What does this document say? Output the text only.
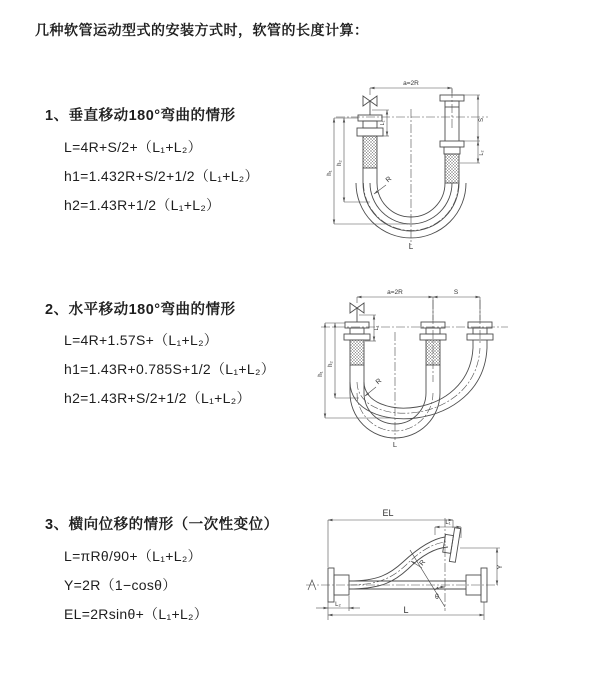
几种软管运动型式的安装方式时，软管的长度计算：
1、垂直移动180°弯曲的情形

L=4R+S/2+（L₁+L₂）

h1=1.432R+S/2+1/2（L₁+L₂）

h2=1.43R+1/2（L₁+L₂）

a=2R
S
L₂
L₁
h₁
h₂
R
L
2、水平移动180°弯曲的情形

L=4R+1.57S+（L₁+L₂）

h1=1.43R+0.785S+1/2（L₁+L₂）

h2=1.43R+S/2+1/2（L₁+L₂）

a=2R	S
L₁
h₁
h₂
R
L
3、横向位移的情形（一次性变位）

L=πRθ/90+（L₁+L₂）

Y=2R（1−cosθ）

EL=2Rsinθ+（L₁+L₂）

EL
L₁
Y
θ
R
L
L₂
